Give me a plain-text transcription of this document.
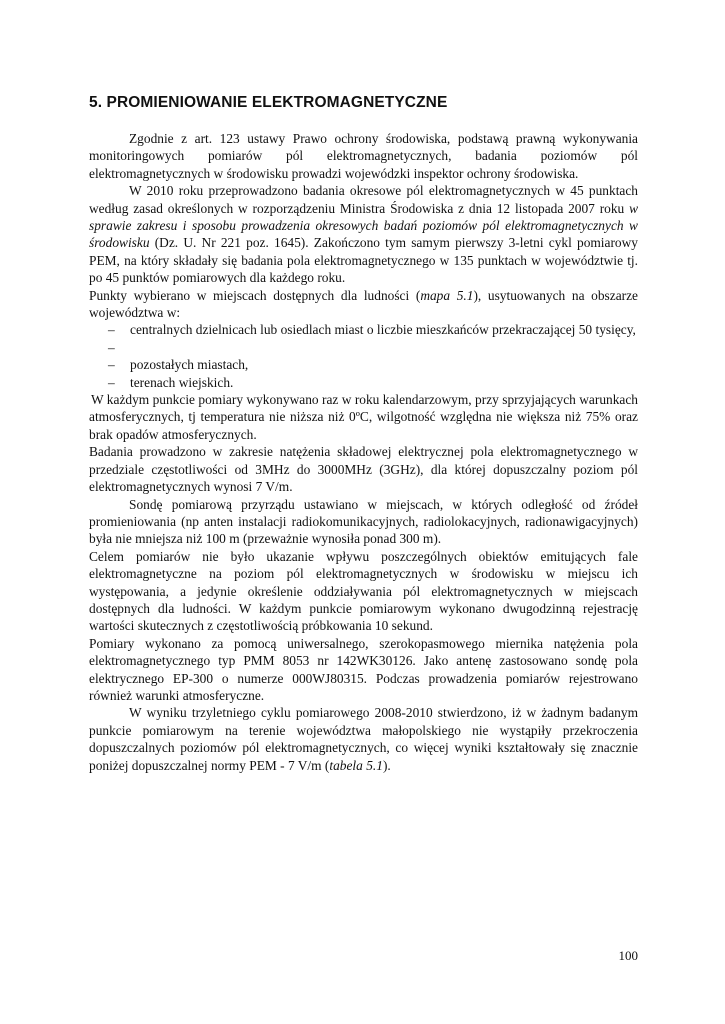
5. PROMIENIOWANIE ELEKTROMAGNETYCZNE

Zgodnie z art. 123 ustawy Prawo ochrony środowiska, podstawą prawną wykonywania monitoringowych pomiarów pól elektromagnetycznych, badania poziomów pól elektromagnetycznych w środowisku prowadzi wojewódzki inspektor ochrony środowiska.

W 2010 roku przeprowadzono badania okresowe pól elektromagnetycznych w 45 punktach według zasad określonych w rozporządzeniu Ministra Środowiska z dnia 12 listopada 2007 roku w sprawie zakresu i sposobu prowadzenia okresowych badań poziomów pól elektromagnetycznych w środowisku (Dz. U. Nr 221 poz. 1645). Zakończono tym samym pierwszy 3-letni cykl pomiarowy PEM, na który składały się badania pola elektromagnetycznego w 135 punktach w województwie tj. po 45 punktów pomiarowych dla każdego roku.

Punkty wybierano w miejscach dostępnych dla ludności (mapa 5.1), usytuowanych na obszarze województwa w:

–	centralnych dzielnicach lub osiedlach miast o liczbie mieszkańców przekraczającej 50 tysięcy,
–
–	pozostałych miastach,
–	terenach wiejskich.

W każdym punkcie pomiary wykonywano raz w roku kalendarzowym, przy sprzyjających warunkach atmosferycznych, tj temperatura nie niższa niż 0ºC, wilgotność względna nie większa niż 75% oraz brak opadów atmosferycznych.

Badania prowadzono w zakresie natężenia składowej elektrycznej pola elektromagnetycznego w przedziale częstotliwości od 3MHz do 3000MHz (3GHz), dla której dopuszczalny poziom pól elektromagnetycznych wynosi 7 V/m.

Sondę pomiarową przyrządu ustawiano w miejscach, w których odległość od źródeł promieniowania (np anten instalacji radiokomunikacyjnych, radiolokacyjnych, radionawigacyjnych) była nie mniejsza niż 100 m (przeważnie wynosiła ponad 300 m).

Celem pomiarów nie było ukazanie wpływu poszczególnych obiektów emitujących fale elektromagnetyczne na poziom pól elektromagnetycznych w środowisku w miejscu ich występowania, a jedynie określenie oddziaływania pól elektromagnetycznych w miejscach dostępnych dla ludności. W każdym punkcie pomiarowym wykonano dwugodzinną rejestrację wartości skutecznych z częstotliwością próbkowania 10 sekund.

Pomiary wykonano za pomocą uniwersalnego, szerokopasmowego miernika natężenia pola elektromagnetycznego typ PMM 8053 nr 142WK30126. Jako antenę zastosowano sondę pola elektrycznego EP-300 o numerze 000WJ80315. Podczas prowadzenia pomiarów rejestrowano również warunki atmosferyczne.

W wyniku trzyletniego cyklu pomiarowego 2008-2010 stwierdzono, iż w żadnym badanym punkcie pomiarowym na terenie województwa małopolskiego nie wystąpiły przekroczenia dopuszczalnych poziomów pól elektromagnetycznych, co więcej wyniki kształtowały się znacznie poniżej dopuszczalnej normy PEM - 7 V/m (tabela 5.1).

100
